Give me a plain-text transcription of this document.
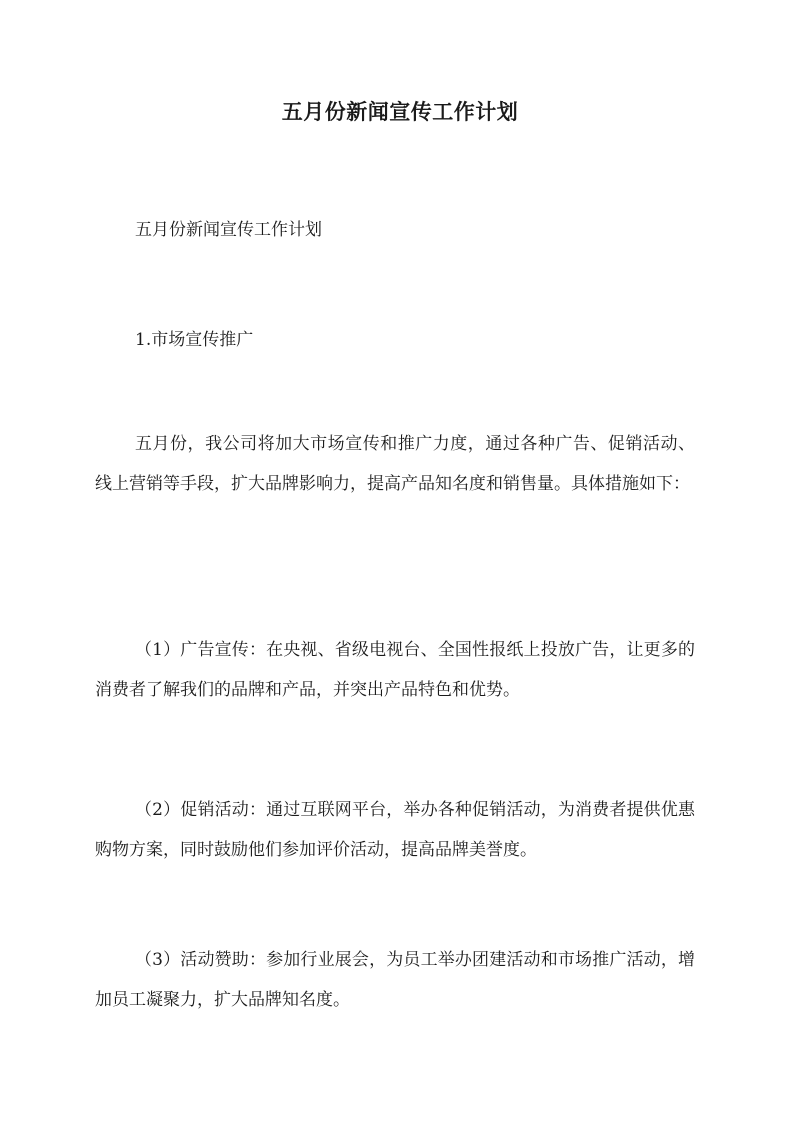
五月份新闻宣传工作计划

五月份新闻宣传工作计划

1.市场宣传推广

五月份，我公司将加大市场宣传和推广力度，通过各种广告、促销活动、线上营销等手段，扩大品牌影响力，提高产品知名度和销售量。具体措施如下：

（1）广告宣传：在央视、省级电视台、全国性报纸上投放广告，让更多的消费者了解我们的品牌和产品，并突出产品特色和优势。

（2）促销活动：通过互联网平台，举办各种促销活动，为消费者提供优惠购物方案，同时鼓励他们参加评价活动，提高品牌美誉度。

（3）活动赞助：参加行业展会，为员工举办团建活动和市场推广活动，增加员工凝聚力，扩大品牌知名度。
